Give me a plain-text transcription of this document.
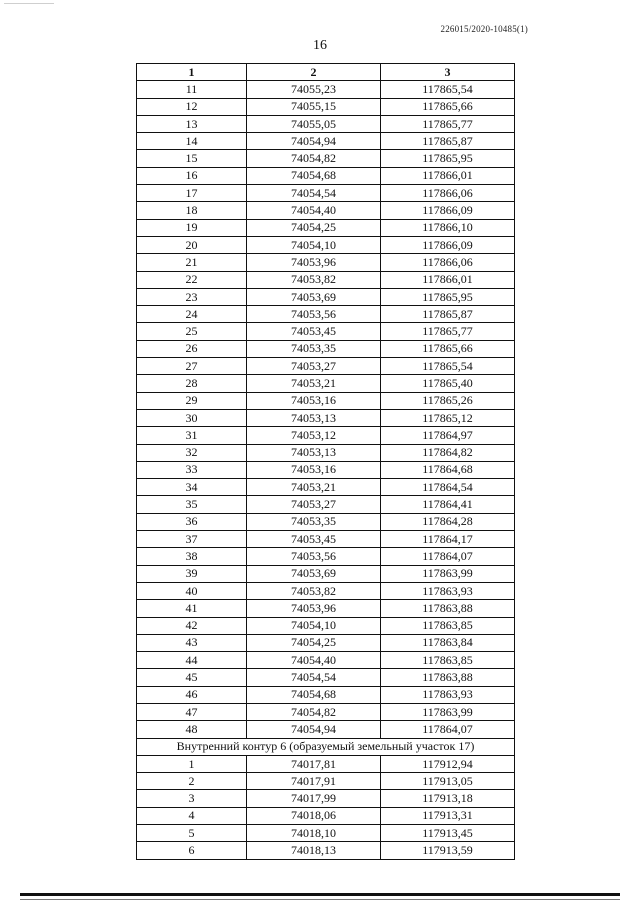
226015/2020-10485(1)
16
1	2	3
11	74055,23	117865,54
12	74055,15	117865,66
13	74055,05	117865,77
14	74054,94	117865,87
15	74054,82	117865,95
16	74054,68	117866,01
17	74054,54	117866,06
18	74054,40	117866,09
19	74054,25	117866,10
20	74054,10	117866,09
21	74053,96	117866,06
22	74053,82	117866,01
23	74053,69	117865,95
24	74053,56	117865,87
25	74053,45	117865,77
26	74053,35	117865,66
27	74053,27	117865,54
28	74053,21	117865,40
29	74053,16	117865,26
30	74053,13	117865,12
31	74053,12	117864,97
32	74053,13	117864,82
33	74053,16	117864,68
34	74053,21	117864,54
35	74053,27	117864,41
36	74053,35	117864,28
37	74053,45	117864,17
38	74053,56	117864,07
39	74053,69	117863,99
40	74053,82	117863,93
41	74053,96	117863,88
42	74054,10	117863,85
43	74054,25	117863,84
44	74054,40	117863,85
45	74054,54	117863,88
46	74054,68	117863,93
47	74054,82	117863,99
48	74054,94	117864,07
Внутренний контур 6 (образуемый земельный участок 17)		
1	74017,81	117912,94
2	74017,91	117913,05
3	74017,99	117913,18
4	74018,06	117913,31
5	74018,10	117913,45
6	74018,13	117913,59
